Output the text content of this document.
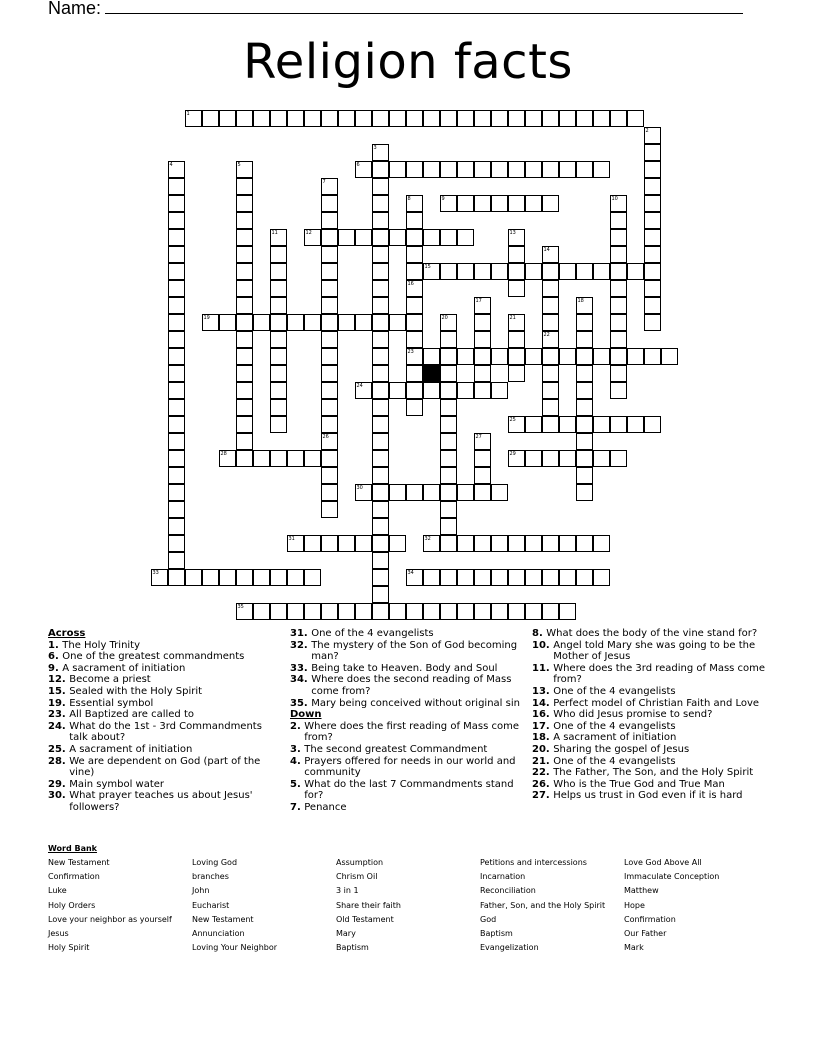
Name:
Religion facts
1
2
6
9
12
15
19
23
24
25
28	29
30
31	32
33	34
35
3
4	5
7
8	10
11	13
14
16
17	18
20	21
22
26	27
Across
1. The Holy Trinity
6. One of the greatest commandments
9. A sacrament of initiation
12. Become a priest
15. Sealed with the Holy Spirit
19. Essential symbol
23. All Baptized are called to
24. What do the 1st - 3rd Commandments talk about?
25. A sacrament of initiation
28. We are dependent on God (part of the vine)
29. Main symbol water
30. What prayer teaches us about Jesus' followers?
31. One of the 4 evangelists
32. The mystery of the Son of God becoming man?
33. Being take to Heaven. Body and Soul
34. Where does the second reading of Mass come from?
35. Mary being conceived without original sin
Down
2. Where does the first reading of Mass come from?
3. The second greatest Commandment
4. Prayers offered for needs in our world and community
5. What do the last 7 Commandments stand for?
7. Penance
8. What does the body of the vine stand for?
10. Angel told Mary she was going to be the Mother of Jesus
11. Where does the 3rd reading of Mass come from?
13. One of the 4 evangelists
14. Perfect model of Christian Faith and Love
16. Who did Jesus promise to send?
17. One of the 4 evangelists
18. A sacrament of initiation
20. Sharing the gospel of Jesus
21. One of the 4 evangelists
22. The Father, The Son, and the Holy Spirit
26. Who is the True God and True Man
27. Helps us trust in God even if it is hard
Word Bank
New Testament
Confirmation
Luke
Holy Orders
Love your neighbor as yourself
Jesus
Holy Spirit
Loving God
branches
John
Eucharist
New Testament
Annunciation
Loving Your Neighbor
Assumption
Chrism Oil
3 in 1
Share their faith
Old Testament
Mary
Baptism
Petitions and intercessions
Incarnation
Reconciliation
Father, Son, and the Holy Spirit
God
Baptism
Evangelization
Love God Above All
Immaculate Conception
Matthew
Hope
Confirmation
Our Father
Mark
